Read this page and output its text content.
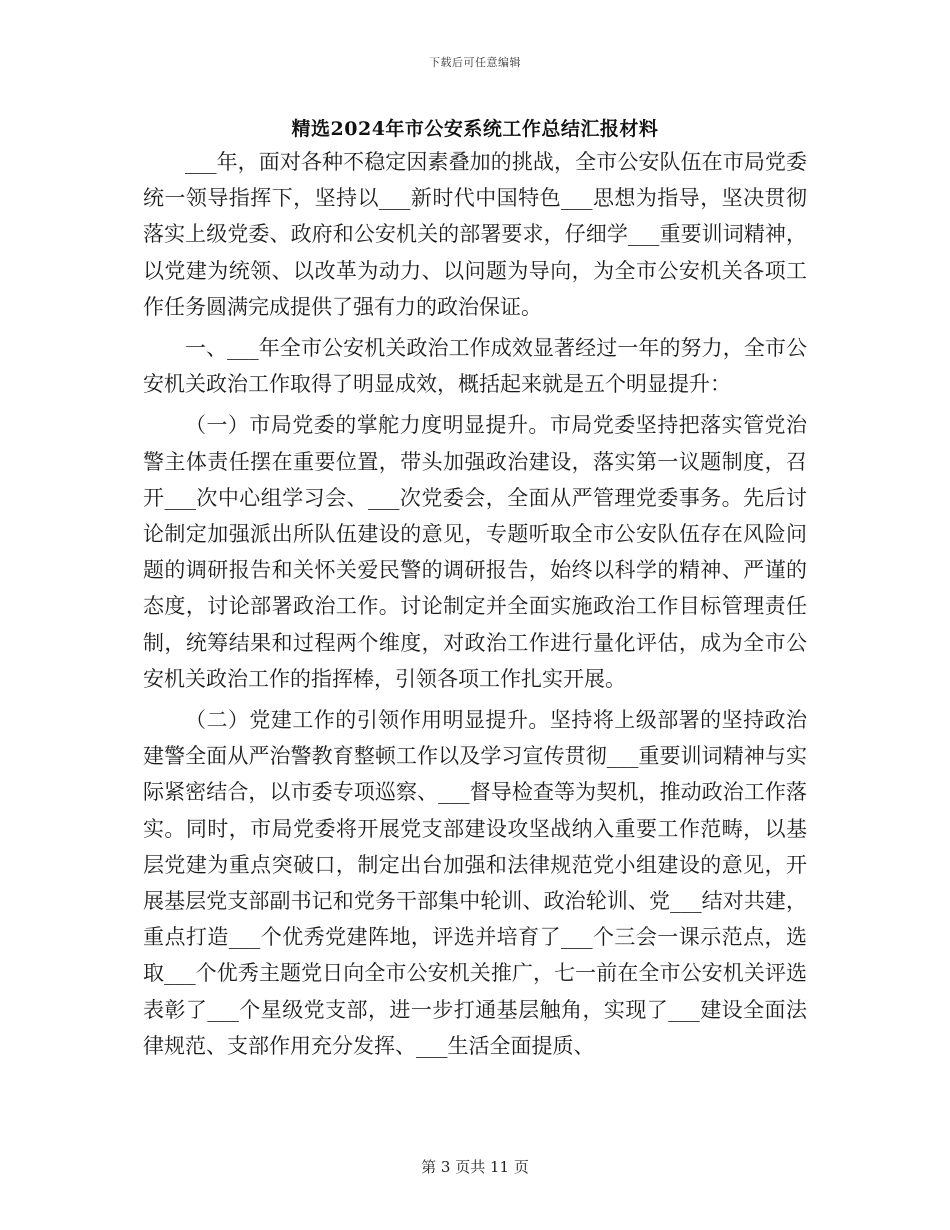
下载后可任意编辑
精选2024年市公安系统工作总结汇报材料

___年，面对各种不稳定因素叠加的挑战，全市公安队伍在市局党委统一领导指挥下，坚持以___新时代中国特色___思想为指导，坚决贯彻落实上级党委、政府和公安机关的部署要求，仔细学___重要训词精神，以党建为统领、以改革为动力、以问题为导向，为全市公安机关各项工作任务圆满完成提供了强有力的政治保证。

一、___年全市公安机关政治工作成效显著经过一年的努力，全市公安机关政治工作取得了明显成效，概括起来就是五个明显提升：

（一）市局党委的掌舵力度明显提升。市局党委坚持把落实管党治警主体责任摆在重要位置，带头加强政治建设，落实第一议题制度，召开___次中心组学习会、___次党委会，全面从严管理党委事务。先后讨论制定加强派出所队伍建设的意见，专题听取全市公安队伍存在风险问题的调研报告和关怀关爱民警的调研报告，始终以科学的精神、严谨的态度，讨论部署政治工作。讨论制定并全面实施政治工作目标管理责任制，统筹结果和过程两个维度，对政治工作进行量化评估，成为全市公安机关政治工作的指挥棒，引领各项工作扎实开展。

（二）党建工作的引领作用明显提升。坚持将上级部署的坚持政治建警全面从严治警教育整顿工作以及学习宣传贯彻___重要训词精神与实际紧密结合，以市委专项巡察、___督导检查等为契机，推动政治工作落实。同时，市局党委将开展党支部建设攻坚战纳入重要工作范畴，以基层党建为重点突破口，制定出台加强和法律规范党小组建设的意见，开展基层党支部副书记和党务干部集中轮训、政治轮训、党___结对共建，重点打造___个优秀党建阵地，评选并培育了___个三会一课示范点，选取___个优秀主题党日向全市公安机关推广，七一前在全市公安机关评选表彰了___个星级党支部，进一步打通基层触角，实现了___建设全面法律规范、支部作用充分发挥、___生活全面提质、

第 3 页共 11 页
